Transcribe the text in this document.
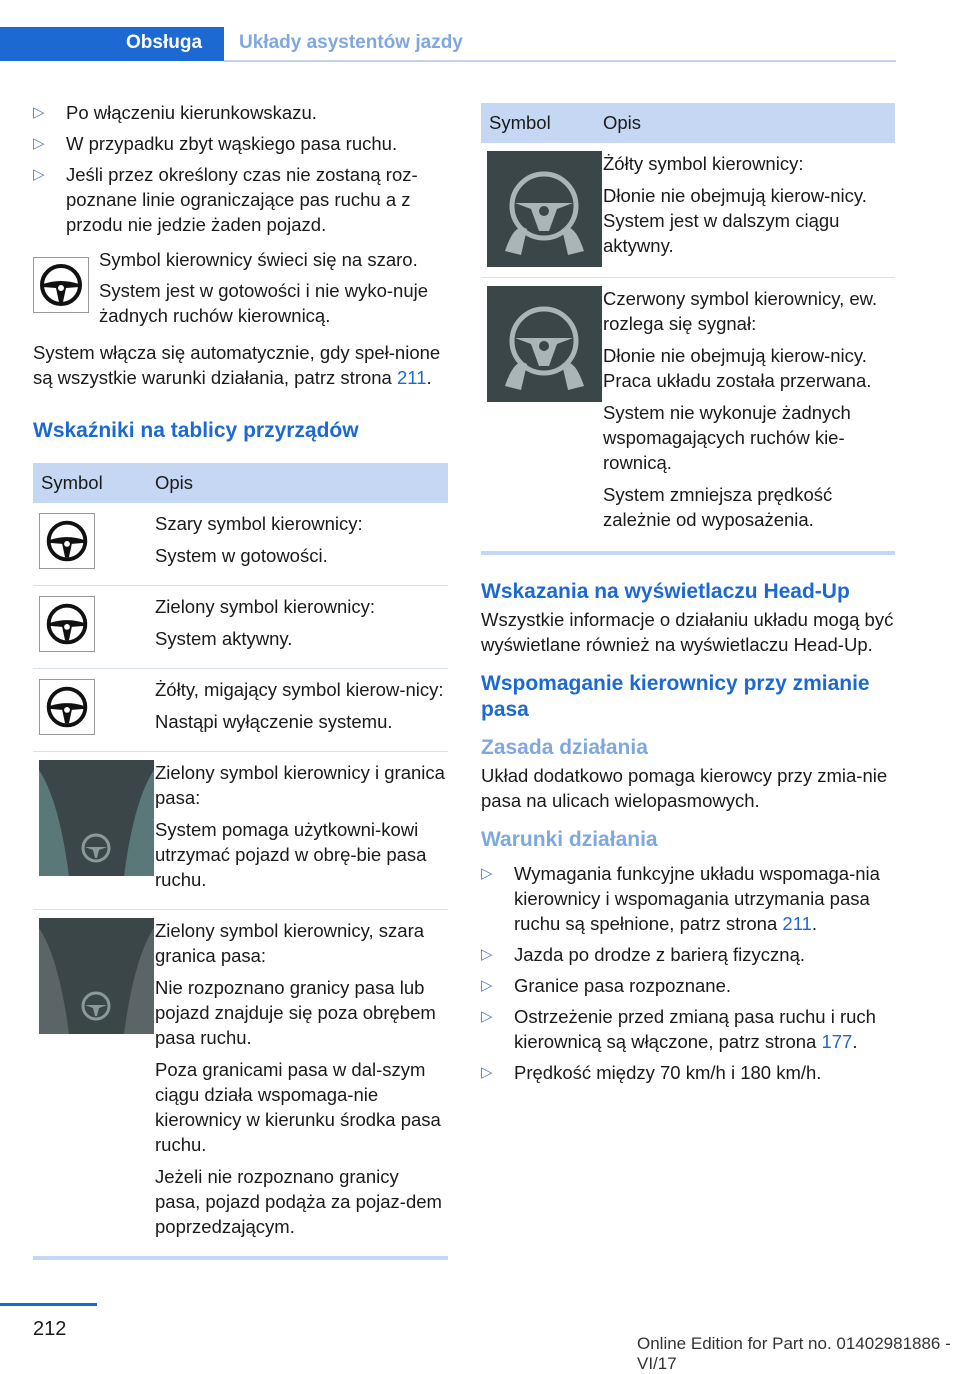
Obsługa	Układy asystentów jazdy
▷ Po włączeniu kierunkowskazu.
▷ W przypadku zbyt wąskiego pasa ruchu.
▷ Jeśli przez określony czas nie zostaną roz‐poznane linie ograniczające pas ruchu a z przodu nie jedzie żaden pojazd.
Symbol kierownicy świeci się na szaro.
System jest w gotowości i nie wyko‐nuje żadnych ruchów kierownicą.
System włącza się automatycznie, gdy speł‐nione są wszystkie warunki działania, patrz strona 211.
Wskaźniki na tablicy przyrządów
Symbol	Opis

Szary symbol kierownicy:
System w gotowości.

Zielony symbol kierownicy:
System aktywny.

Żółty, migający symbol kierow‐nicy:
Nastąpi wyłączenie systemu.

Zielony symbol kierownicy i granica pasa:
System pomaga użytkowni‐kowi utrzymać pojazd w obrę‐bie pasa ruchu.

Zielony symbol kierownicy, szara granica pasa:
Nie rozpoznano granicy pasa lub pojazd znajduje się poza obrębem pasa ruchu.
Poza granicami pasa w dal‐szym ciągu działa wspomaga‐nie kierownicy w kierunku środka pasa ruchu.
Jeżeli nie rozpoznano granicy pasa, pojazd podąża za pojaz‐dem poprzedzającym.
Symbol	Opis

Żółty symbol kierownicy:
Dłonie nie obejmują kierow‐nicy. System jest w dalszym ciągu aktywny.

Czerwony symbol kierownicy, ew. rozlega się sygnał:
Dłonie nie obejmują kierow‐nicy. Praca układu została przerwana.
System nie wykonuje żadnych wspomagających ruchów kie‐rownicą.
System zmniejsza prędkość zależnie od wyposażenia.
Wskazania na wyświetlaczu Head-Up
Wszystkie informacje o działaniu układu mogą być wyświetlane również na wyświetlaczu Head-Up.
Wspomaganie kierownicy przy zmianie pasa
Zasada działania
Układ dodatkowo pomaga kierowcy przy zmia‐nie pasa na ulicach wielopasmowych.
Warunki działania
▷ Wymagania funkcyjne układu wspomaga‐nia kierownicy i wspomagania utrzymania pasa ruchu są spełnione, patrz strona 211.
▷ Jazda po drodze z barierą fizyczną.
▷ Granice pasa rozpoznane.
▷ Ostrzeżenie przed zmianą pasa ruchu i ruch kierownicą są włączone, patrz strona 177.
▷ Prędkość między 70 km/h i 180 km/h.
212
Online Edition for Part no. 01402981886 - VI/17
